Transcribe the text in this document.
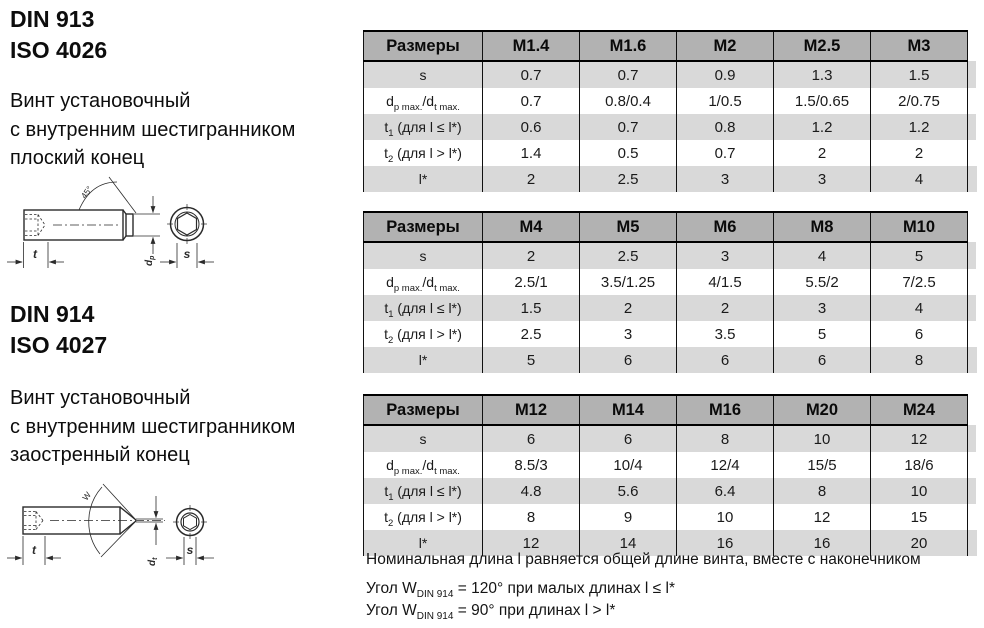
DIN 913
ISO 4026
Винт установочный
с внутренним шестигранником
плоский конец
45°
t
$d_p$ s
DIN 914
ISO 4027
Винт установочный
с внутренним шестигранником
заостренный конец
W
t
$d_t$
s
Размеры	M1.4	M1.6	M2	M2.5	M3	
s	0.7	0.7	0.9	1.3	1.5	
$d_{p max.}/d_{t max.}$	0.7	0.8/0.4	1/0.5	1.5/0.65	2/0.75	
$t_1$ (для l ≤ l*)	0.6	0.7	0.8	1.2	1.2	
$t_2$ (для l > l*)	1.4	0.5	0.7	2	2	
l*	2	2.5	3	3	4	
Размеры	M4	M5	M6	M8	M10	
s	2	2.5	3	4	5	
$d_{p max.}/d_{t max.}$	2.5/1	3.5/1.25	4/1.5	5.5/2	7/2.5	
$t_1$ (для l ≤ l*)	1.5	2	2	3	4	
$t_2$ (для l > l*)	2.5	3	3.5	5	6	
l*	5	6	6	6	8	
Размеры	M12	M14	M16	M20	M24	
s	6	6	8	10	12	
$d_{p max.}/d_{t max.}$	8.5/3	10/4	12/4	15/5	18/6	
$t_1$ (для l ≤ l*)	4.8	5.6	6.4	8	10	
$t_2$ (для l > l*)	8	9	10	12	15	
l*	12	14	16	16	20	
Номинальная длина l равняется общей длине винта, вместе с наконечником
Угол $W_{DIN 914} = 120^\circ$ при малых длинах l ≤ l*
Угол $W_{DIN 914} = 90^\circ$ при длинах l > l*
